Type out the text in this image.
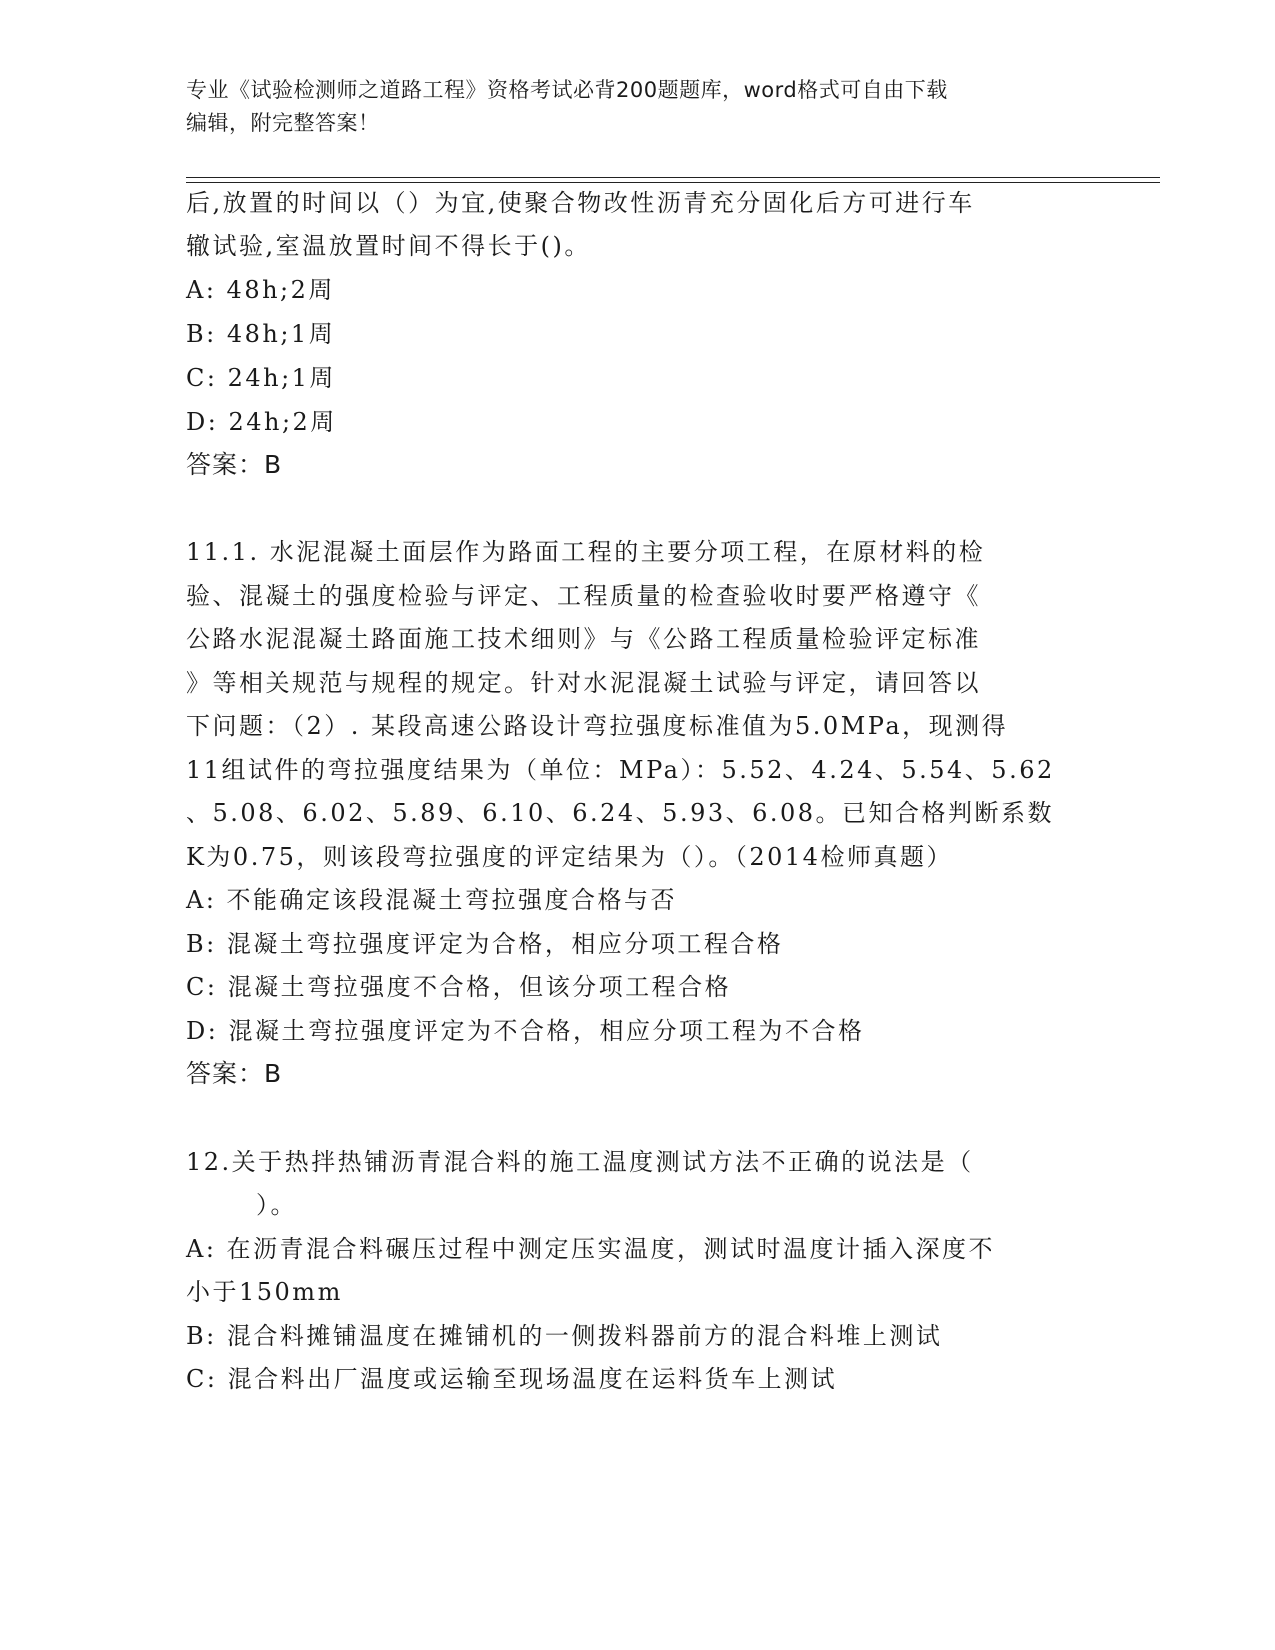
专业《试验检测师之道路工程》资格考试必背200题题库，word格式可自由下载
编辑，附完整答案！
后,放置的时间以（）为宜,使聚合物改性沥青充分固化后方可进行车
辙试验,室温放置时间不得长于()。
A: 48h;2周
B: 48h;1周
C: 24h;1周
D: 24h;2周
答案：B
11.1. 水泥混凝土面层作为路面工程的主要分项工程，在原材料的检
验、混凝土的强度检验与评定、工程质量的检查验收时要严格遵守《
公路水泥混凝土路面施工技术细则》与《公路工程质量检验评定标准
》等相关规范与规程的规定。针对水泥混凝土试验与评定，请回答以
下问题：（2）. 某段高速公路设计弯拉强度标准值为5.0MPa，现测得
11组试件的弯拉强度结果为（单位：MPa）：5.52、4.24、5.54、5.62
、5.08、6.02、5.89、6.10、6.24、5.93、6.08。已知合格判断系数
K为0.75，则该段弯拉强度的评定结果为（）。（2014检师真题）
A: 不能确定该段混凝土弯拉强度合格与否
B: 混凝土弯拉强度评定为合格，相应分项工程合格
C: 混凝土弯拉强度不合格，但该分项工程合格
D: 混凝土弯拉强度评定为不合格，相应分项工程为不合格
答案：B
12.关于热拌热铺沥青混合料的施工温度测试方法不正确的说法是（
）。
A: 在沥青混合料碾压过程中测定压实温度，测试时温度计插入深度不
小于150mm
B: 混合料摊铺温度在摊铺机的一侧拨料器前方的混合料堆上测试
C: 混合料出厂温度或运输至现场温度在运料货车上测试
